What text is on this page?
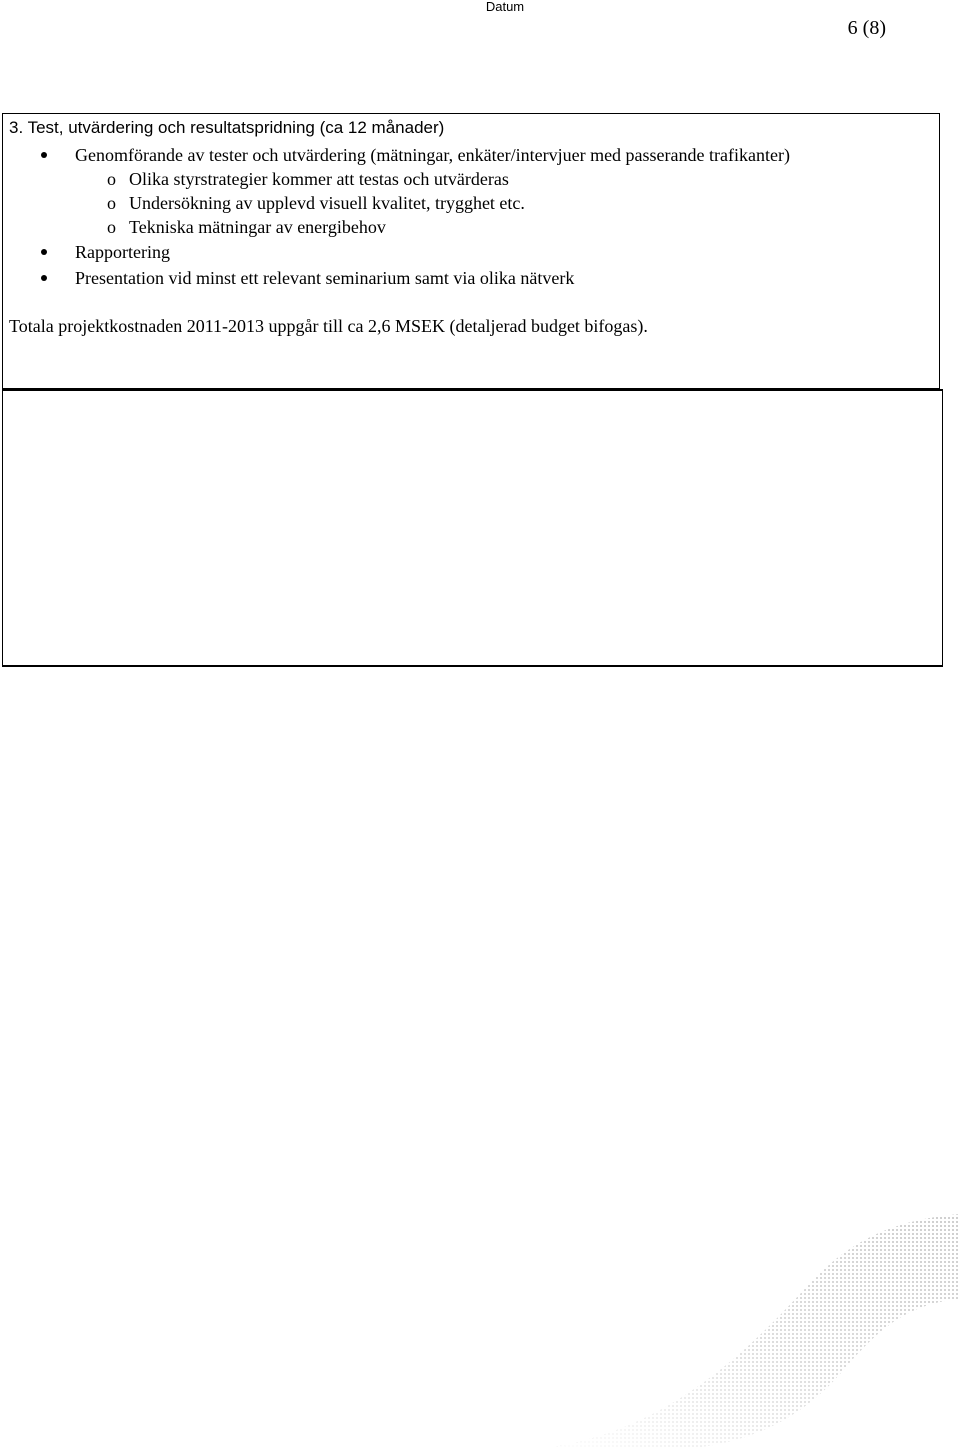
Datum
6 (8)
3. Test, utvärdering och resultatspridning (ca 12 månader)
Genomförande av tester och utvärdering (mätningar, enkäter/intervjuer med passerande trafikanter)
o Olika styrstrategier kommer att testas och utvärderas
o Undersökning av upplevd visuell kvalitet, trygghet etc.
o Tekniska mätningar av energibehov
Rapportering
Presentation vid minst ett relevant seminarium samt via olika nätverk
Totala projektkostnaden 2011-2013 uppgår till ca 2,6 MSEK (detaljerad budget bifogas).
